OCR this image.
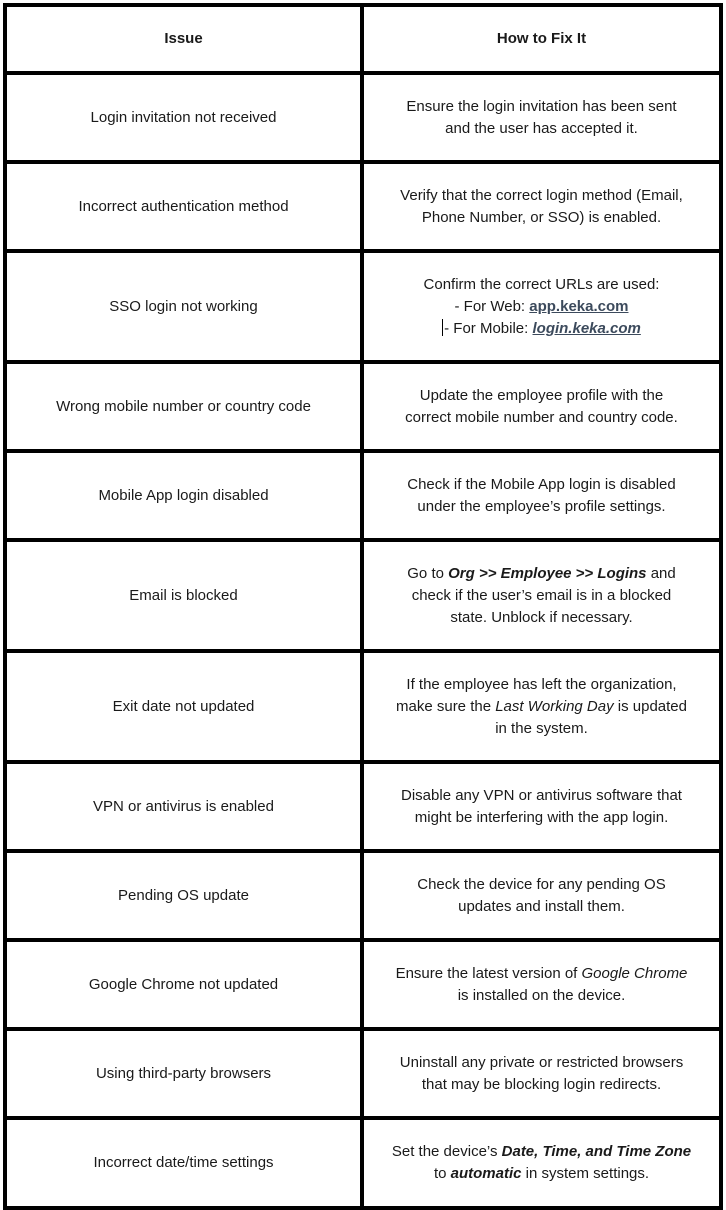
Issue	How to Fix It
Login invitation not received	Ensure the login invitation has been sent
and the user has accepted it.
Incorrect authentication method	Verify that the correct login method (Email,
Phone Number, or SSO) is enabled.
SSO login not working	Confirm the correct URLs are used:
- For Web: app.keka.com
- For Mobile: login.keka.com
Wrong mobile number or country code	Update the employee profile with the
correct mobile number and country code.
Mobile App login disabled	Check if the Mobile App login is disabled
under the employee’s profile settings.
Email is blocked	Go to Org >> Employee >> Logins and
check if the user’s email is in a blocked
state. Unblock if necessary.
Exit date not updated	If the employee has left the organization,
make sure the Last Working Day is updated
in the system.
VPN or antivirus is enabled	Disable any VPN or antivirus software that
might be interfering with the app login.
Pending OS update	Check the device for any pending OS
updates and install them.
Google Chrome not updated	Ensure the latest version of Google Chrome
is installed on the device.
Using third-party browsers	Uninstall any private or restricted browsers
that may be blocking login redirects.
Incorrect date/time settings	Set the device’s Date, Time, and Time Zone
to automatic in system settings.
